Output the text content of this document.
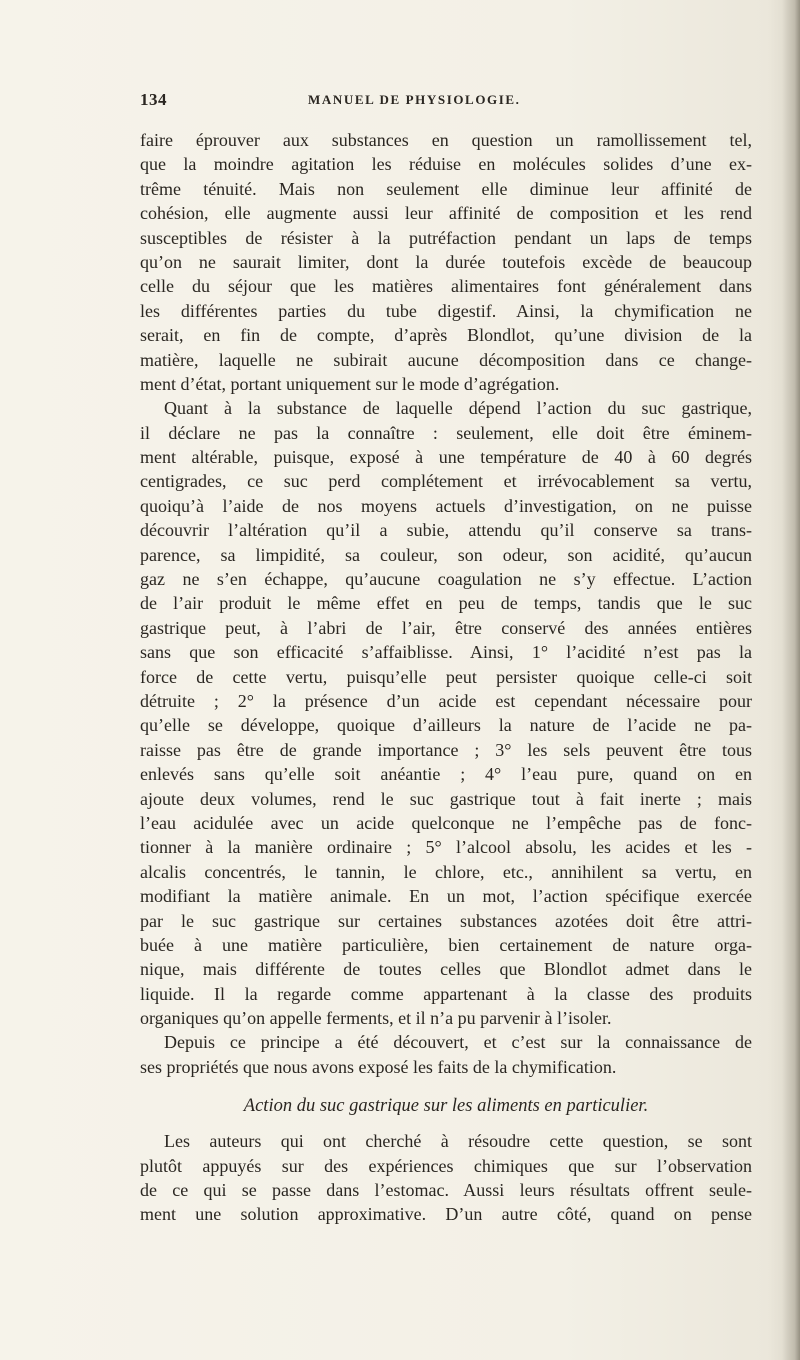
134	MANUEL DE PHYSIOLOGIE.
faire éprouver aux substances en question un ramollissement tel,
que la moindre agitation les réduise en molécules solides d’une ex-
trême ténuité. Mais non seulement elle diminue leur affinité de
cohésion, elle augmente aussi leur affinité de composition et les rend
susceptibles de résister à la putréfaction pendant un laps de temps
qu’on ne saurait limiter, dont la durée toutefois excède de beaucoup
celle du séjour que les matières alimentaires font généralement dans
les différentes parties du tube digestif. Ainsi, la chymification ne
serait, en fin de compte, d’après Blondlot, qu’une division de la
matière, laquelle ne subirait aucune décomposition dans ce change-
ment d’état, portant uniquement sur le mode d’agrégation.
Quant à la substance de laquelle dépend l’action du suc gastrique,
il déclare ne pas la connaître : seulement, elle doit être éminem-
ment altérable, puisque, exposé à une température de 40 à 60 degrés
centigrades, ce suc perd complétement et irrévocablement sa vertu,
quoiqu’à l’aide de nos moyens actuels d’investigation, on ne puisse
découvrir l’altération qu’il a subie, attendu qu’il conserve sa trans-
parence, sa limpidité, sa couleur, son odeur, son acidité, qu’aucun
gaz ne s’en échappe, qu’aucune coagulation ne s’y effectue. L’action
de l’air produit le même effet en peu de temps, tandis que le suc
gastrique peut, à l’abri de l’air, être conservé des années entières
sans que son efficacité s’affaiblisse. Ainsi, 1° l’acidité n’est pas la
force de cette vertu, puisqu’elle peut persister quoique celle-ci soit
détruite ; 2° la présence d’un acide est cependant nécessaire pour
qu’elle se développe, quoique d’ailleurs la nature de l’acide ne pa-
raisse pas être de grande importance ; 3° les sels peuvent être tous
enlevés sans qu’elle soit anéantie ; 4° l’eau pure, quand on en
ajoute deux volumes, rend le suc gastrique tout à fait inerte ; mais
l’eau acidulée avec un acide quelconque ne l’empêche pas de fonc-
tionner à la manière ordinaire ; 5° l’alcool absolu, les acides et les -
alcalis concentrés, le tannin, le chlore, etc., annihilent sa vertu, en
modifiant la matière animale. En un mot, l’action spécifique exercée
par le suc gastrique sur certaines substances azotées doit être attri-
buée à une matière particulière, bien certainement de nature orga-
nique, mais différente de toutes celles que Blondlot admet dans le
liquide. Il la regarde comme appartenant à la classe des produits
organiques qu’on appelle ferments, et il n’a pu parvenir à l’isoler.
Depuis ce principe a été découvert, et c’est sur la connaissance de
ses propriétés que nous avons exposé les faits de la chymification.
Action du suc gastrique sur les aliments en particulier.
Les auteurs qui ont cherché à résoudre cette question, se sont
plutôt appuyés sur des expériences chimiques que sur l’observation
de ce qui se passe dans l’estomac. Aussi leurs résultats offrent seule-
ment une solution approximative. D’un autre côté, quand on pense
